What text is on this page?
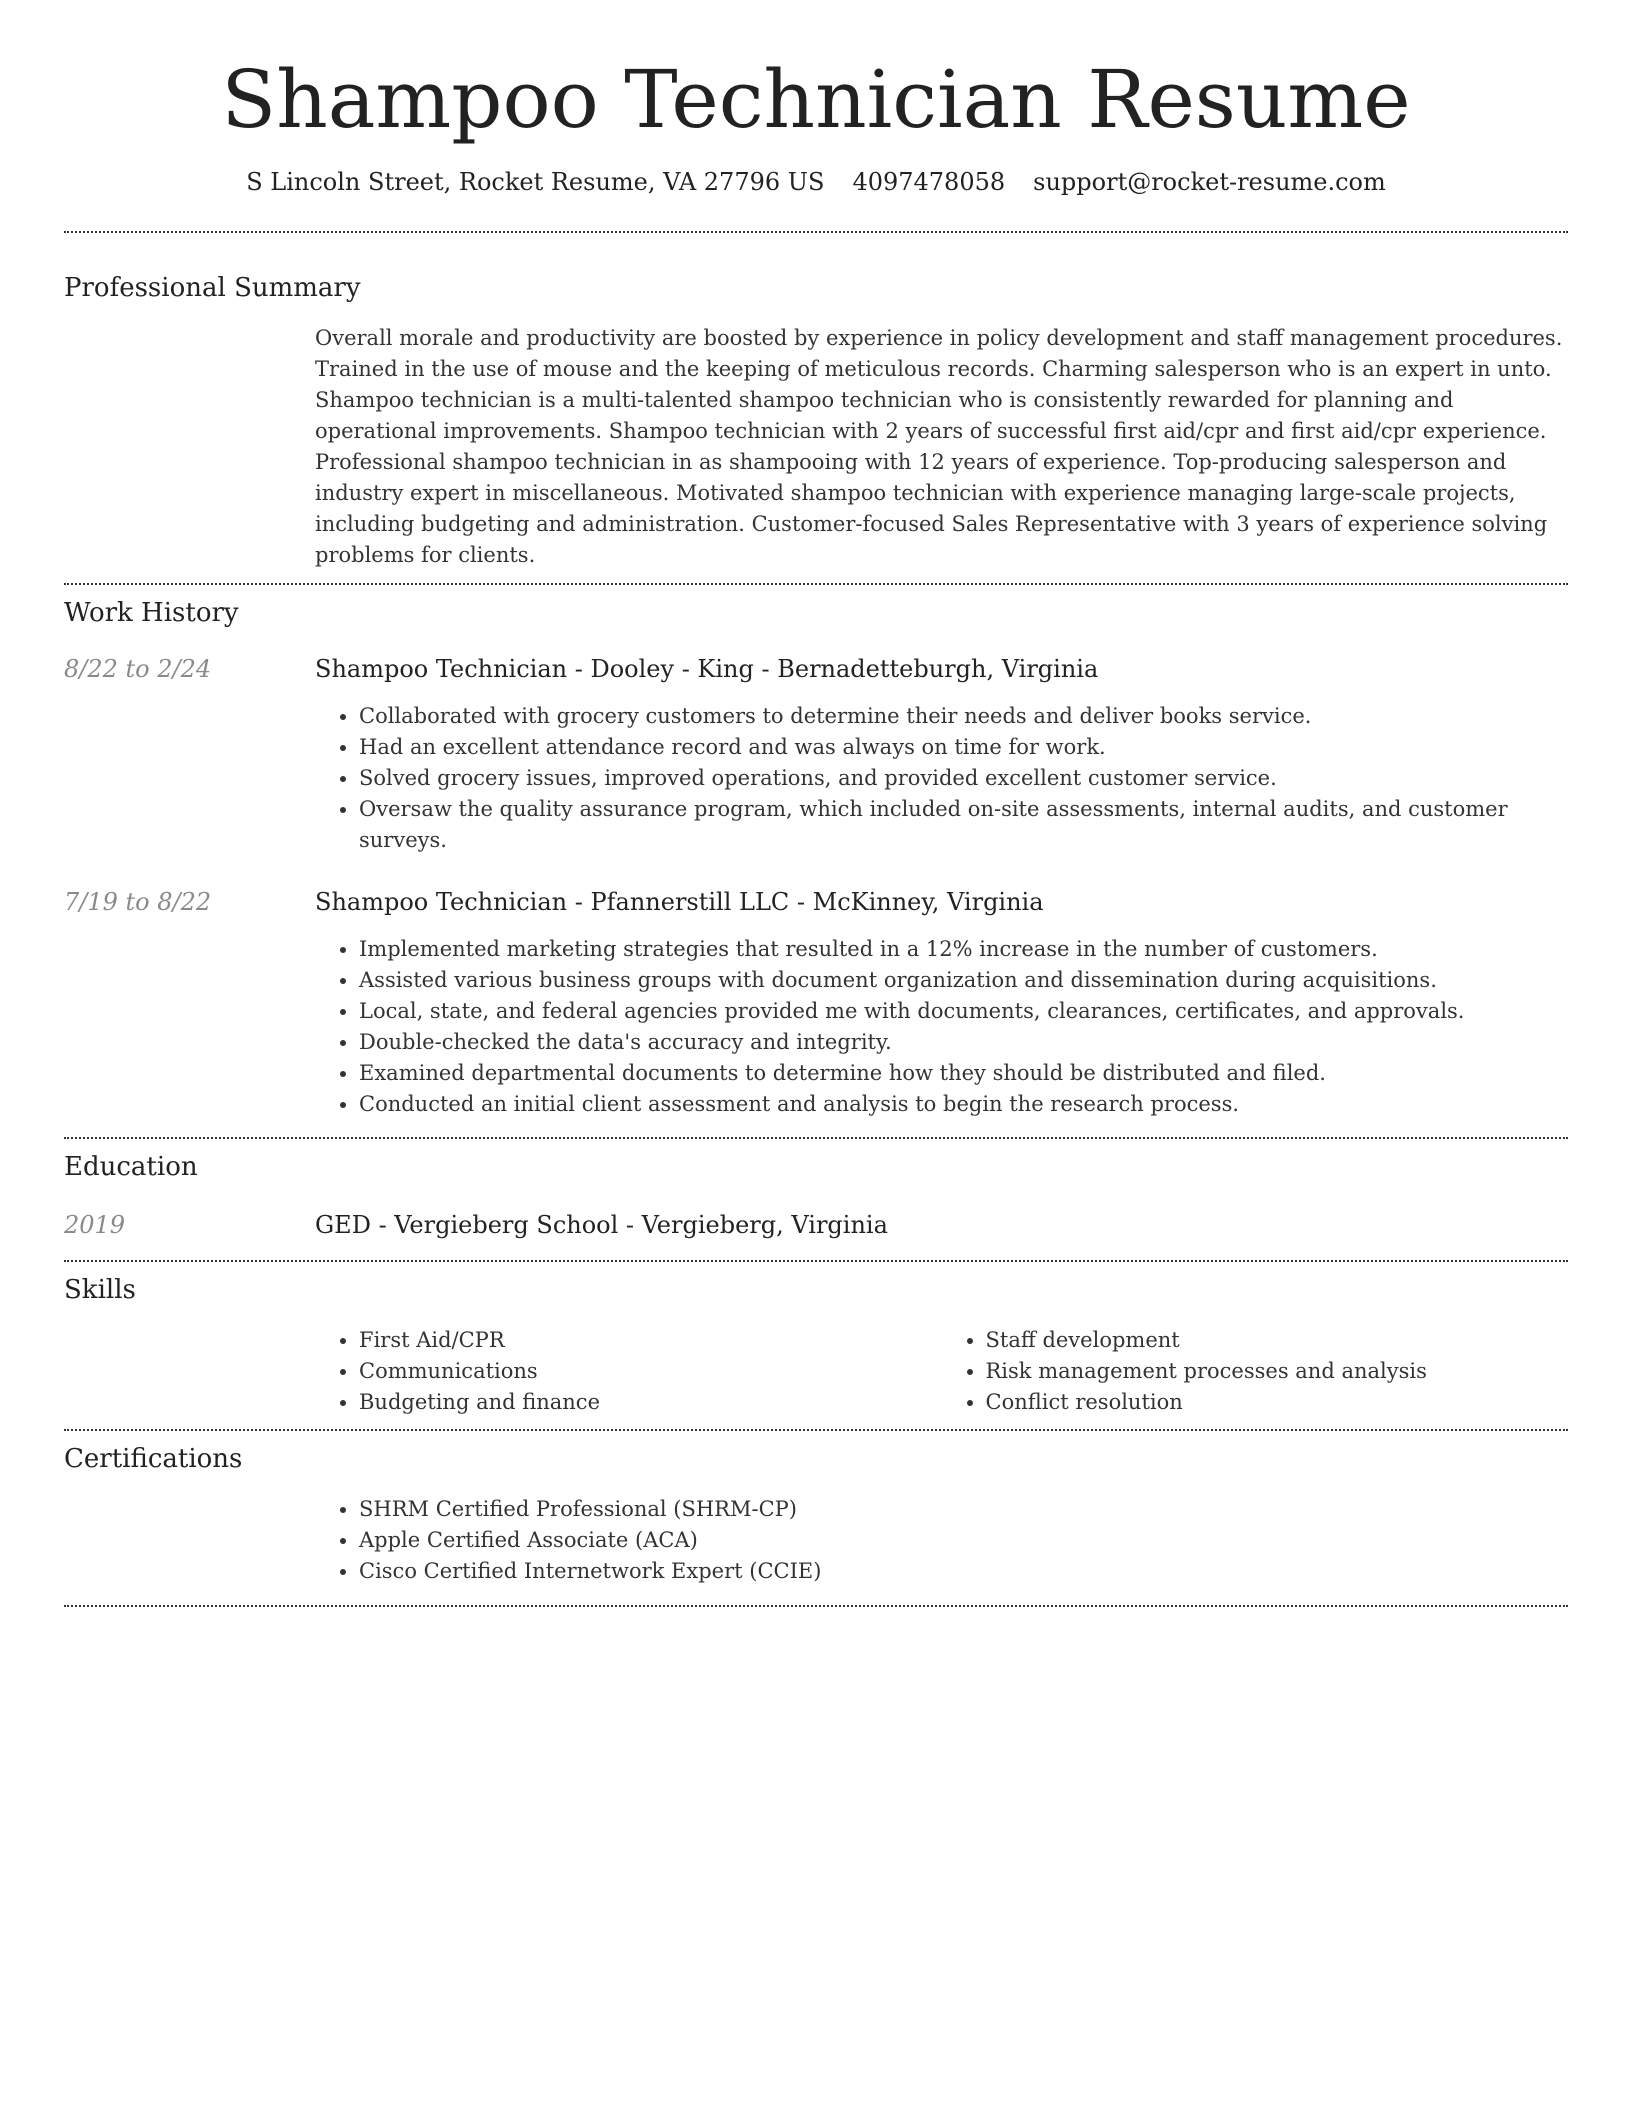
Shampoo Technician Resume
S Lincoln Street, Rocket Resume, VA 27796 US 4097478058 support@rocket-resume.com
Professional Summary

Overall morale and productivity are boosted by experience in policy development and staff management procedures. Trained in the use of mouse and the keeping of meticulous records. Charming salesperson who is an expert in unto. Shampoo technician is a multi-talented shampoo technician who is consistently rewarded for planning and operational improvements. Shampoo technician with 2 years of successful first aid/cpr and first aid/cpr experience. Professional shampoo technician in as shampooing with 12 years of experience. Top-producing salesperson and industry expert in miscellaneous. Motivated shampoo technician with experience managing large-scale projects, including budgeting and administration. Customer-focused Sales Representative with 3 years of experience solving problems for clients.

Work History
8/22 to 2/24	Shampoo Technician - Dooley - King - Bernadetteburgh, Virginia
• Collaborated with grocery customers to determine their needs and deliver books service.
• Had an excellent attendance record and was always on time for work.
• Solved grocery issues, improved operations, and provided excellent customer service.
• Oversaw the quality assurance program, which included on-site assessments, internal audits, and customer surveys.
7/19 to 8/22	Shampoo Technician - Pfannerstill LLC - McKinney, Virginia
• Implemented marketing strategies that resulted in a 12% increase in the number of customers.
• Assisted various business groups with document organization and dissemination during acquisitions.
• Local, state, and federal agencies provided me with documents, clearances, certificates, and approvals.
• Double-checked the data's accuracy and integrity.
• Examined departmental documents to determine how they should be distributed and filed.
• Conducted an initial client assessment and analysis to begin the research process.
Education
2019	GED - Vergieberg School - Vergieberg, Virginia
Skills
• First Aid/CPR
• Communications
• Budgeting and finance
• Staff development
• Risk management processes and analysis
• Conflict resolution
Certifications
• SHRM Certified Professional (SHRM-CP)
• Apple Certified Associate (ACA)
• Cisco Certified Internetwork Expert (CCIE)
